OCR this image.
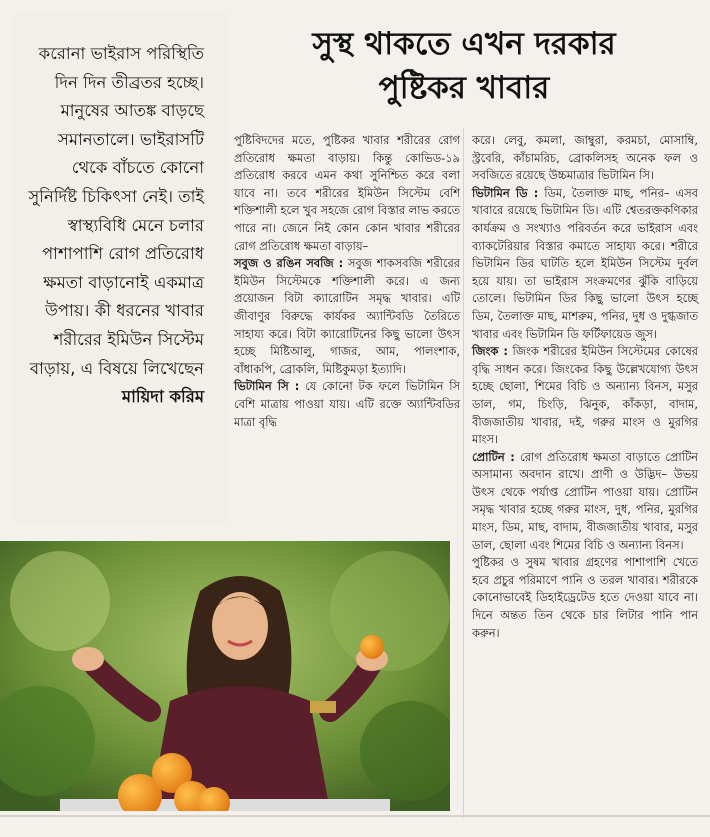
করোনা ভাইরাস পরিস্থিতি দিন দিন তীব্রতর হচ্ছে। মানুষের আতঙ্ক বাড়ছে সমানতালে। ভাইরাসটি থেকে বাঁচতে কোনো সুনির্দিষ্ট চিকিৎসা নেই। তাই স্বাস্থ্যবিধি মেনে চলার পাশাপাশি রোগ প্রতিরোধ ক্ষমতা বাড়ানোই একমাত্র উপায়। কী ধরনের খাবার শরীরের ইমিউন সিস্টেম বাড়ায়, এ বিষয়ে লিখেছেন মায়িদা করিম
সুস্থ থাকতে এখন দরকার
পুষ্টিকর খাবার

পুষ্টিবিদদের মতে, পুষ্টিকর খাবার শরীরের রোগ প্রতিরোধ ক্ষমতা বাড়ায়। কিন্তু কোভিড-১৯ প্রতিরোধ করবে এমন কথা সুনিশ্চিত করে বলা যাবে না। তবে শরীরের ইমিউন সিস্টেম বেশি শক্তিশালী হলে খুব সহজে রোগ বিস্তার লাভ করতে পারে না। জেনে নিই কোন কোন খাবার শরীরের রোগ প্রতিরোধ ক্ষমতা বাড়ায়–

সবুজ ও রঙিন সবজি : সবুজ শাকসবজি শরীরের ইমিউন সিস্টেমকে শক্তিশালী করে। এ জন্য প্রয়োজন বিটা ক্যারোটিন সমৃদ্ধ খাবার। এটি জীবাণুর বিরুদ্ধে কার্যকর অ্যান্টিবডি তৈরিতে সাহায্য করে। বিটা ক্যারোটিনের কিছু ভালো উৎস হচ্ছে মিষ্টিআলু, গাজর, আম, পালংশাক, বাঁধাকপি, ব্রোকলি, মিষ্টিকুমড়া ইত্যাদি।

ভিটামিন সি : যে কোনো টক ফলে ভিটামিন সি বেশি মাত্রায় পাওয়া যায়। এটি রক্তে অ্যান্টিবডির মাত্রা বৃদ্ধি

করে। লেবু, কমলা, জাম্বুরা, করমচা, মোসাম্বি, স্ট্রবেরি, কাঁচামরিচ, ব্রোকলিসহ অনেক ফল ও সবজিতে রয়েছে উচ্চমাত্রার ভিটামিন সি।

ভিটামিন ডি : ডিম, তৈলাক্ত মাছ, পনির– এসব খাবারে রয়েছে ভিটামিন ডি। এটি শ্বেতরক্তকণিকার কার্যক্রম ও সংখ্যাও পরিবর্তন করে ভাইরাস এবং ব্যাকটেরিয়ার বিস্তার কমাতে সাহায্য করে। শরীরে ভিটামিন ডির ঘাটতি হলে ইমিউন সিস্টেম দুর্বল হয়ে যায়। তা ভাইরাস সংক্রমণের ঝুঁকি বাড়িয়ে তোলে। ভিটামিন ডির কিছু ভালো উৎস হচ্ছে ডিম, তৈলাক্ত মাছ, মাশরুম, পনির, দুধ ও দুগ্ধজাত খাবার এবং ভিটামিন ডি ফর্টিফায়েড জুস।

জিংক : জিংক শরীরের ইমিউন সিস্টেমের কোষের বৃদ্ধি সাধন করে। জিংকের কিছু উল্লেখযোগ্য উৎস হচ্ছে ছোলা, শিমের বিচি ও অন্যান্য বিনস, মসুর ডাল, গম, চিংড়ি, ঝিনুক, কাঁকড়া, বাদাম, বীজজাতীয় খাবার, দই, গরুর মাংস ও মুরগির মাংস।

প্রোটিন : রোগ প্রতিরোধ ক্ষমতা বাড়াতে প্রোটিন অসামান্য অবদান রাখে। প্রাণী ও উদ্ভিদ– উভয় উৎস থেকে পর্যাপ্ত প্রোটিন পাওয়া যায়। প্রোটিন সমৃদ্ধ খাবার হচ্ছে গরুর মাংস, দুধ, পনির, মুরগির মাংস, ডিম, মাছ, বাদাম, বীজজাতীয় খাবার, মসুর ডাল, ছোলা এবং শিমের বিচি ও অন্যান্য বিনস।

পুষ্টিকর ও সুষম খাবার গ্রহণের পাশাপাশি খেতে হবে প্রচুর পরিমাণে পানি ও তরল খাবার। শরীরকে কোনোভাবেই ডিহাইড্রেটেড হতে দেওয়া যাবে না। দিনে অন্তত তিন থেকে চার লিটার পানি পান করুন।
